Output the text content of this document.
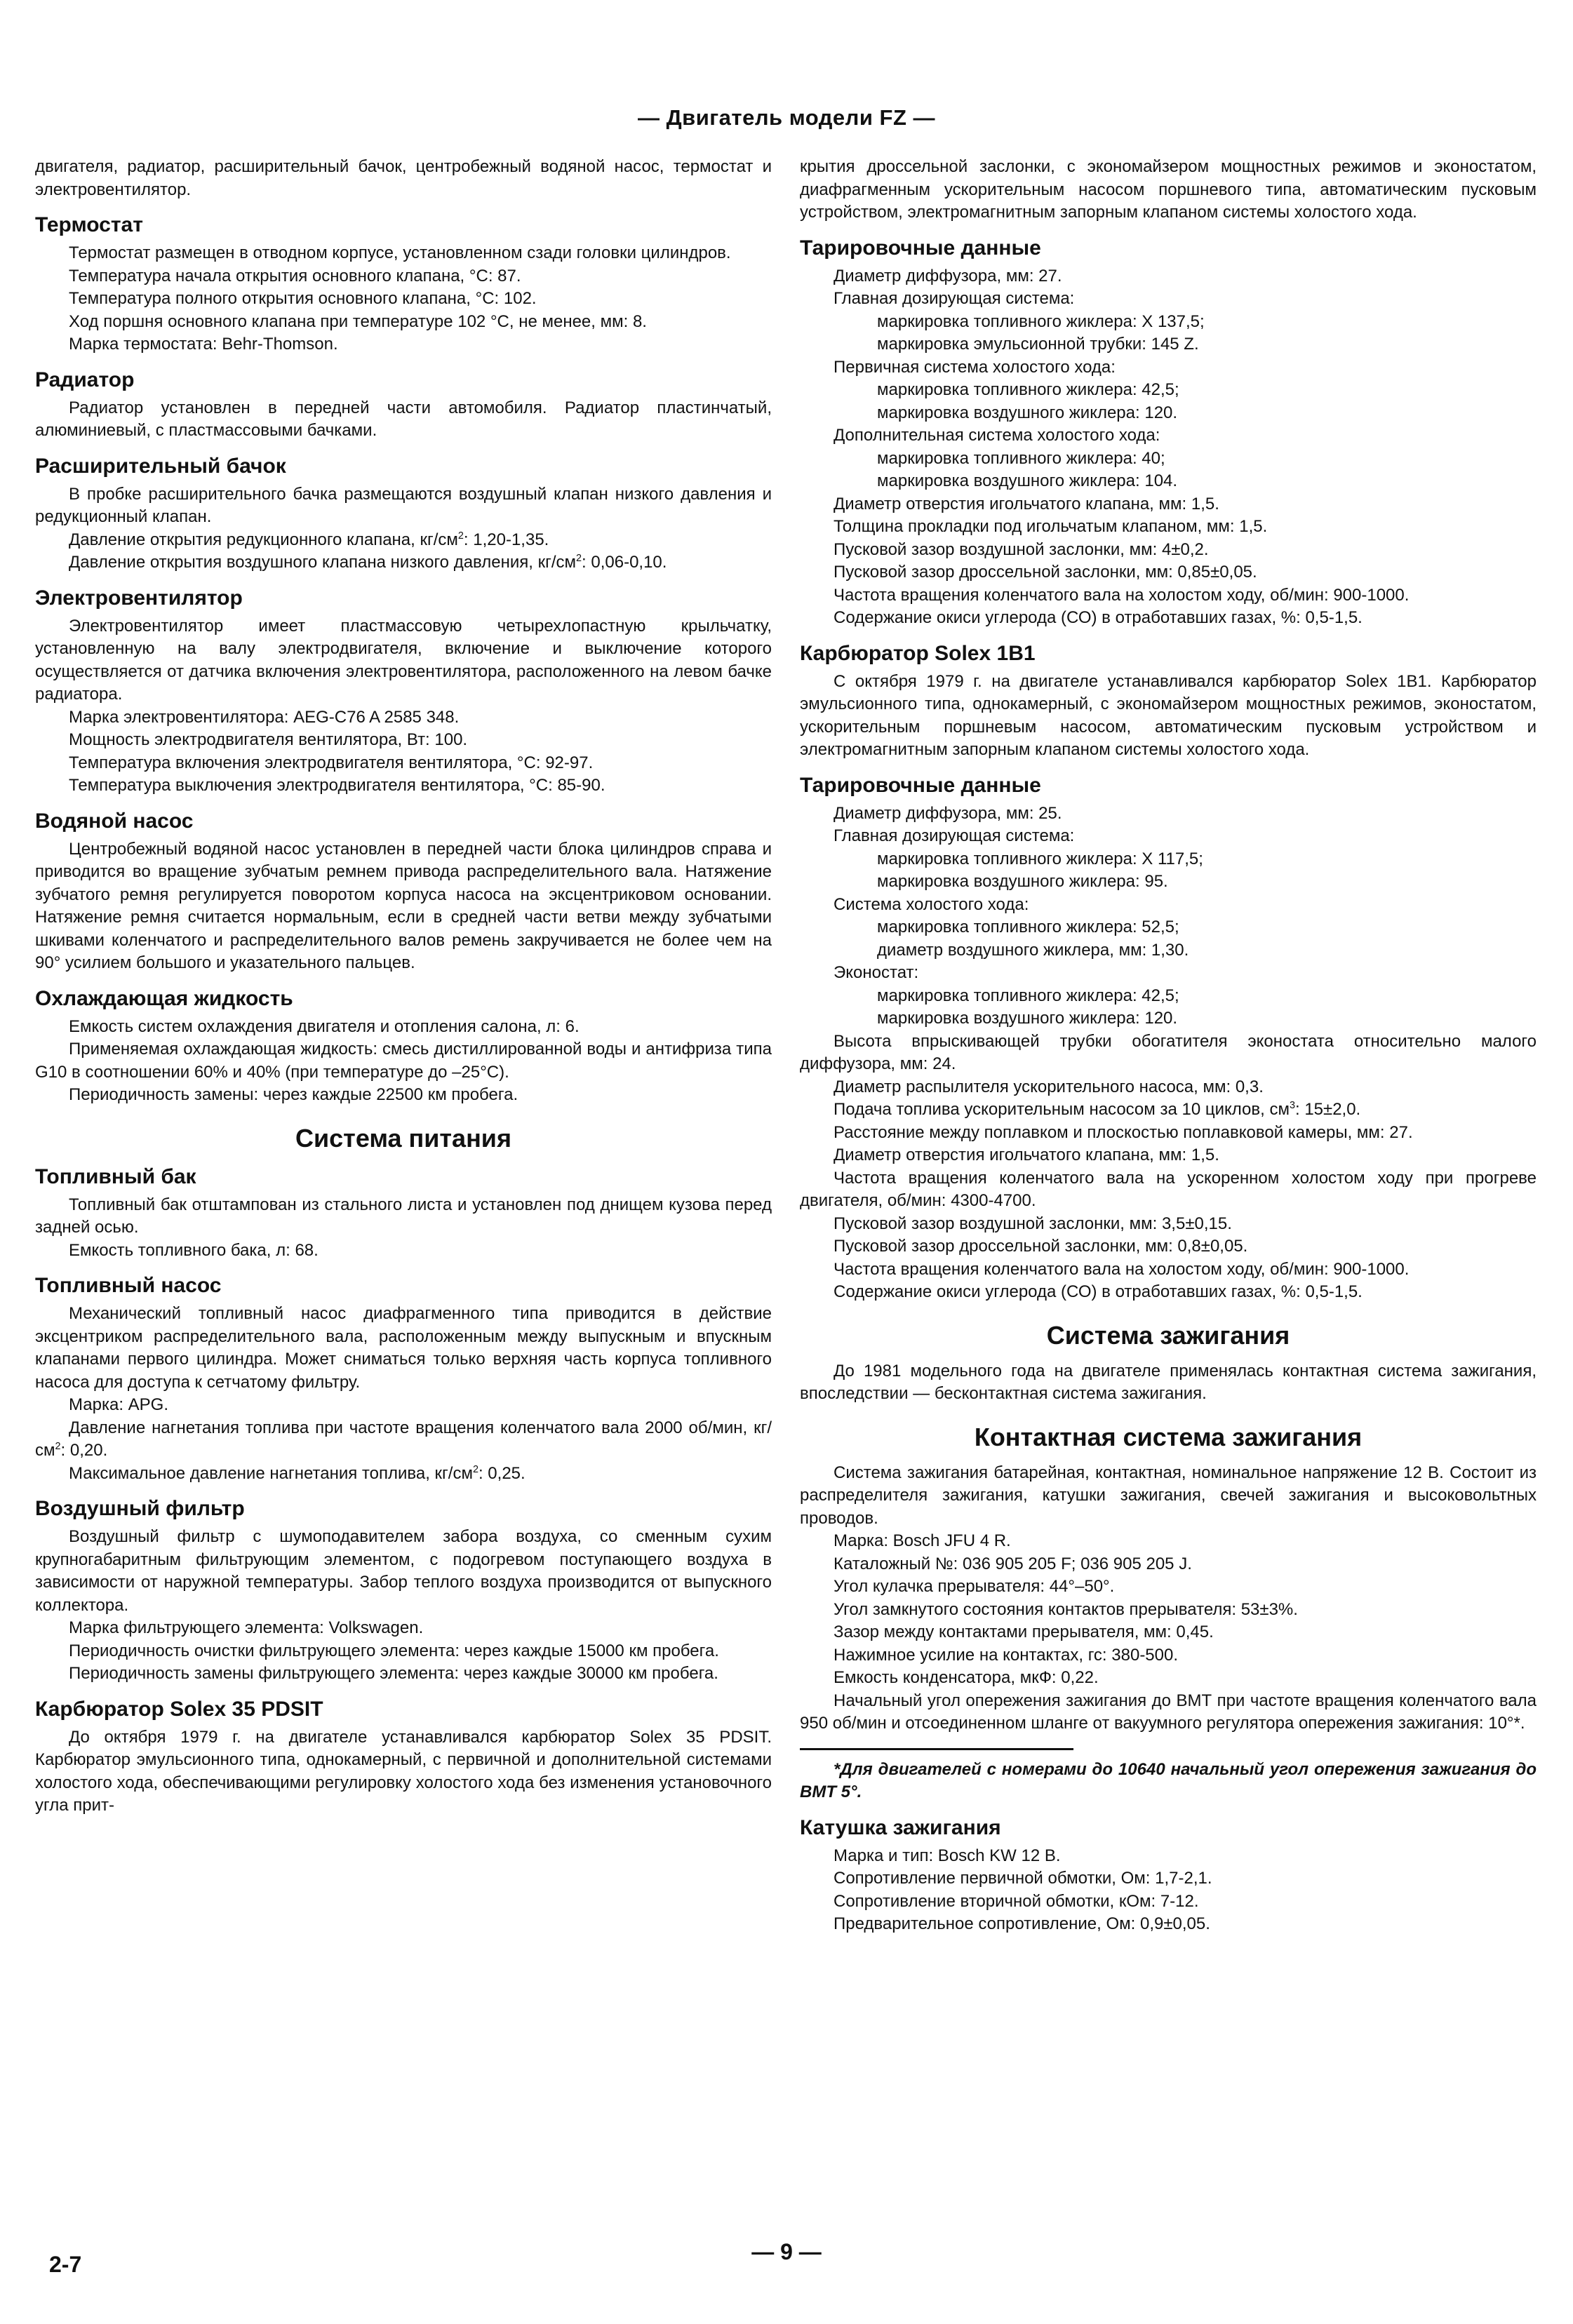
— Двигатель модели FZ —

двигателя, радиатор, расширительный бачок, центробежный водяной насос, термостат и электровентилятор.

Термостат

Термостат размещен в отводном корпусе, установленном сзади головки цилиндров.

Температура начала открытия основного клапана, °С: 87.

Температура полного открытия основного клапана, °С: 102.

Ход поршня основного клапана при температуре 102 °С, не менее, мм: 8.

Марка термостата: Behr-Thomson.

Радиатор

Радиатор установлен в передней части автомобиля. Радиатор пластинчатый, алюминиевый, с пластмассовыми бачками.

Расширительный бачок

В пробке расширительного бачка размещаются воздушный клапан низкого давления и редукционный клапан.

Давление открытия редукционного клапана, $кг/см^2$: 1,20-1,35.

Давление открытия воздушного клапана низкого давления, $кг/см^2$: 0,06-0,10.

Электровентилятор

Электровентилятор имеет пластмассовую четырехлопастную крыльчатку, установленную на валу электродвигателя, включение и выключение которого осуществляется от датчика включения электровентилятора, расположенного на левом бачке радиатора.

Марка электровентилятора: AEG-C76 A 2585 348.

Мощность электродвигателя вентилятора, Вт: 100.

Температура включения электродвигателя вентилятора, °С: 92-97.

Температура выключения электродвигателя вентилятора, °С: 85-90.

Водяной насос

Центробежный водяной насос установлен в передней части блока цилиндров справа и приводится во вращение зубчатым ремнем привода распределительного вала. Натяжение зубчатого ремня регулируется поворотом корпуса насоса на эксцентриковом основании. Натяжение ремня считается нормальным, если в средней части ветви между зубчатыми шкивами коленчатого и распределительного валов ремень закручивается не более чем на 90° усилием большого и указательного пальцев.

Охлаждающая жидкость

Емкость систем охлаждения двигателя и отопления салона, л: 6.

Применяемая охлаждающая жидкость: смесь дистиллированной воды и антифриза типа G10 в соотношении 60% и 40% (при температуре до –25°С).

Периодичность замены: через каждые 22500 км пробега.

Система питания
Топливный бак

Топливный бак отштампован из стального листа и установлен под днищем кузова перед задней осью.

Емкость топливного бака, л: 68.

Топливный насос

Механический топливный насос диафрагменного типа приводится в действие эксцентриком распределительного вала, расположенным между выпускным и впускным клапанами первого цилиндра. Может сниматься только верхняя часть корпуса топливного насоса для доступа к сетчатому фильтру.

Марка: APG.

Давление нагнетания топлива при частоте вращения коленчатого вала 2000 об/мин, $кг/см^2$: 0,20.

Максимальное давление нагнетания топлива, $кг/см^2$: 0,25.

Воздушный фильтр

Воздушный фильтр с шумоподавителем забора воздуха, со сменным сухим крупногабаритным фильтрующим элементом, с подогревом поступающего воздуха в зависимости от наружной температуры. Забор теплого воздуха производится от выпускного коллектора.

Марка фильтрующего элемента: Volkswagen.

Периодичность очистки фильтрующего элемента: через каждые 15000 км пробега.

Периодичность замены фильтрующего элемента: через каждые 30000 км пробега.

Карбюратор Solex 35 PDSIT

До октября 1979 г. на двигателе устанавливался карбюратор Solex 35 PDSIT. Карбюратор эмульсионного типа, однокамерный, с первичной и дополнительной системами холостого хода, обеспечивающими регулировку холостого хода без изменения установочного угла прит-

крытия дроссельной заслонки, с экономайзером мощностных режимов и эконостатом, диафрагменным ускорительным насосом поршневого типа, автоматическим пусковым устройством, электромагнитным запорным клапаном системы холостого хода.

Тарировочные данные

Диаметр диффузора, мм: 27.

Главная дозирующая система:

маркировка топливного жиклера: X 137,5;

маркировка эмульсионной трубки: 145 Z.

Первичная система холостого хода:

маркировка топливного жиклера: 42,5;

маркировка воздушного жиклера: 120.

Дополнительная система холостого хода:

маркировка топливного жиклера: 40;

маркировка воздушного жиклера: 104.

Диаметр отверстия игольчатого клапана, мм: 1,5.

Толщина прокладки под игольчатым клапаном, мм: 1,5.

Пусковой зазор воздушной заслонки, мм: 4±0,2.

Пусковой зазор дроссельной заслонки, мм: 0,85±0,05.

Частота вращения коленчатого вала на холостом ходу, об/мин: 900-1000.

Содержание окиси углерода (СО) в отработавших газах, %: 0,5-1,5.

Карбюратор Solex 1B1

С октября 1979 г. на двигателе устанавливался карбюратор Solex 1B1. Карбюратор эмульсионного типа, однокамерный, с экономайзером мощностных режимов, эконостатом, ускорительным поршневым насосом, автоматическим пусковым устройством и электромагнитным запорным клапаном системы холостого хода.

Тарировочные данные

Диаметр диффузора, мм: 25.

Главная дозирующая система:

маркировка топливного жиклера: X 117,5;

маркировка воздушного жиклера: 95.

Система холостого хода:

маркировка топливного жиклера: 52,5;

диаметр воздушного жиклера, мм: 1,30.

Эконостат:

маркировка топливного жиклера: 42,5;

маркировка воздушного жиклера: 120.

Высота впрыскивающей трубки обогатителя эконостата относительно малого диффузора, мм: 24.

Диаметр распылителя ускорительного насоса, мм: 0,3.

Подача топлива ускорительным насосом за 10 циклов, $см^3$: 15±2,0.

Расстояние между поплавком и плоскостью поплавковой камеры, мм: 27.

Диаметр отверстия игольчатого клапана, мм: 1,5.

Частота вращения коленчатого вала на ускоренном холостом ходу при прогреве двигателя, об/мин: 4300-4700.

Пусковой зазор воздушной заслонки, мм: 3,5±0,15.

Пусковой зазор дроссельной заслонки, мм: 0,8±0,05.

Частота вращения коленчатого вала на холостом ходу, об/мин: 900-1000.

Содержание окиси углерода (СО) в отработавших газах, %: 0,5-1,5.

Система зажигания

До 1981 модельного года на двигателе применялась контактная система зажигания, впоследствии — бесконтактная система зажигания.

Контактная система зажигания

Система зажигания батарейная, контактная, номинальное напряжение 12 В. Состоит из распределителя зажигания, катушки зажигания, свечей зажигания и высоковольтных проводов.

Марка: Bosch JFU 4 R.

Каталожный №: 036 905 205 F; 036 905 205 J.

Угол кулачка прерывателя: 44°–50°.

Угол замкнутого состояния контактов прерывателя: 53±3%.

Зазор между контактами прерывателя, мм: 0,45.

Нажимное усилие на контактах, гс: 380-500.

Емкость конденсатора, мкФ: 0,22.

Начальный угол опережения зажигания до ВМТ при частоте вращения коленчатого вала 950 об/мин и отсоединенном шланге от вакуумного регулятора опережения зажигания: 10°*.

*Для двигателей с номерами до 10640 начальный угол опережения зажигания до ВМТ 5°.

Катушка зажигания

Марка и тип: Bosch KW 12 B.

Сопротивление первичной обмотки, Ом: 1,7-2,1.

Сопротивление вторичной обмотки, кОм: 7-12.

Предварительное сопротивление, Ом: 0,9±0,05.

2-7	— 9 —
